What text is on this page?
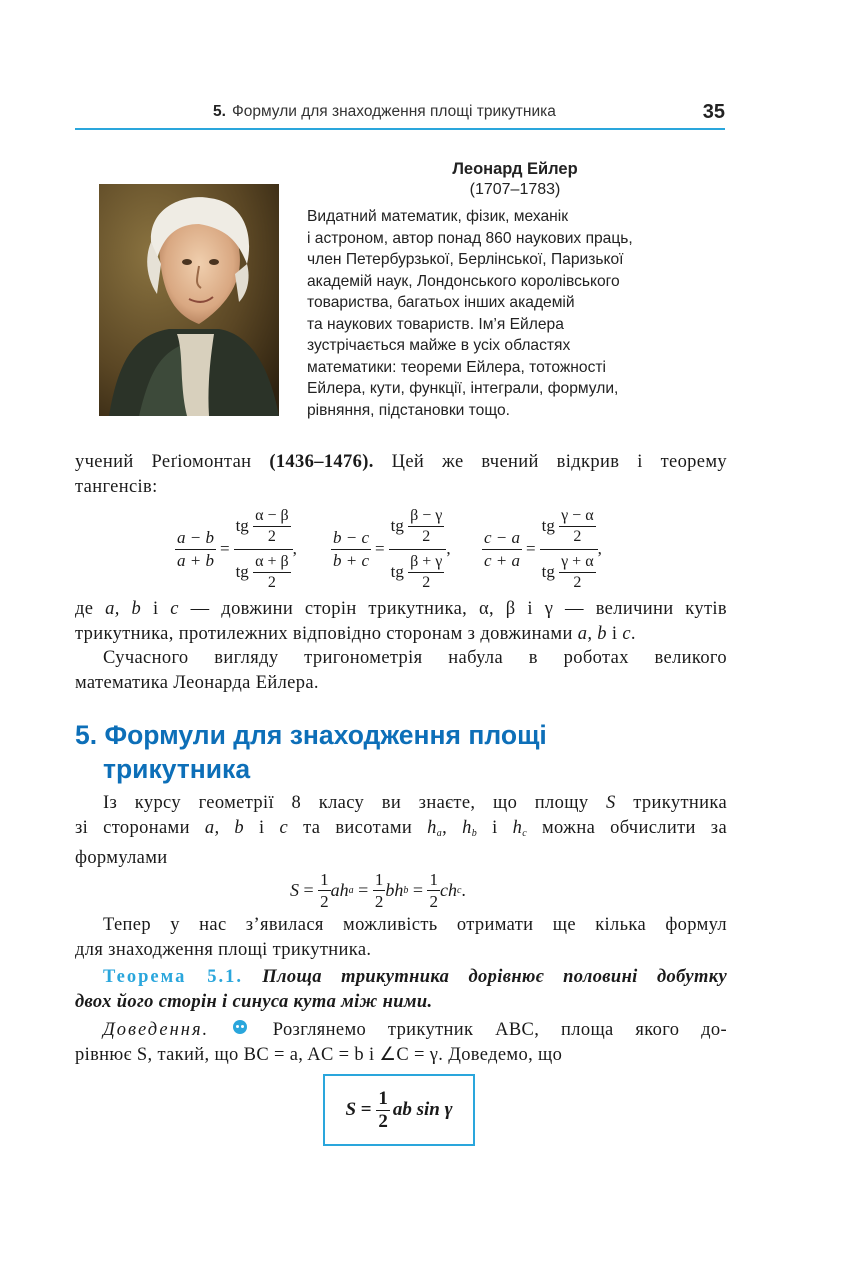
5. Формули для знаходження площі трикутника	35
Леонард Ейлер
(1707–1783)
Видатний математик, фізик, механік
і астроном, автор понад 860 наукових праць,
член Петербурзької, Берлінської, Паризької
академій наук, Лондонського королівського
товариства, багатьох інших академій
та наукових товариств. Ім’я Ейлера
зустрічається майже в усіх областях
математики: теореми Ейлера, тотожності
Ейлера, кути, функції, інтеграли, формули,
рівняння, підстановки тощо.
учений Реґіомонтан (1436–1476). Цей же вчений відкрив і теорему
тангенсів:
$\frac{a - b}{a + b}$ = tg
$\frac{\alpha - \beta}{2}$
tg
$\frac{\alpha + \beta}{2}$ , $\frac{b - c}{b + c}$ = tg
$\frac{\beta - \gamma}{2}$
tg
$\frac{\beta + \gamma}{2}$ , $\frac{c - a}{c + a}$ = tg
$\frac{\gamma - \alpha}{2}$
tg
$\frac{\gamma + \alpha}{2}$ ,
де a, b і c — довжини сторін трикутника, α, β і γ — величини кутів
трикутника, протилежних відповідно сторонам з довжинами a, b і c.
Сучасного вигляду тригонометрія набула в роботах великого
математика Леонарда Ейлера.
5. Формули для знаходження площі
трикутника
Із курсу геометрії 8 класу ви знаєте, що площу S трикутника
зі сторонами a, b і c та висотами $h_a$, $h_b$ і $h_c$ можна обчислити за
формулами
S
=
$\frac{1}{2}$ ah a
=
$\frac{1}{2}$ bh b
=
$\frac{1}{2}$ ch c .
Тепер у нас з’явилася можливість отримати ще кілька формул
для знаходження площі трикутника.
Теорема 5.1. Площа трикутника дорівнює половині добутку
двох його сторін і синуса кута між ними.
Доведення.  Розглянемо трикутник ABC, площа якого до-
рівнює S, такий, що BC = a, AC = b і ∠C = γ. Доведемо, що
S
=
$\frac{1}{2}$ ab sin γ
